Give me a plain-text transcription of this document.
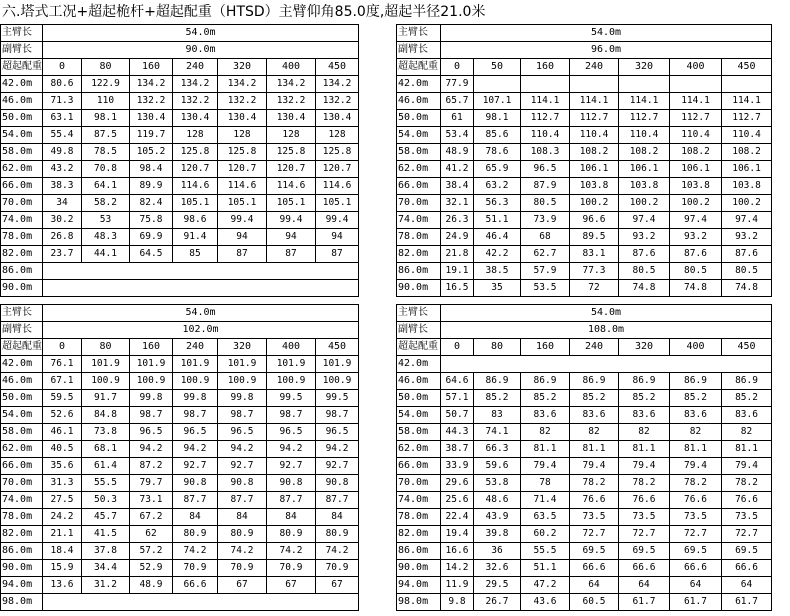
六.塔式工况+超起桅杆+超起配重（HTSD）主臂仰角85.0度,超起半径21.0米
主臂长	54.0m						
副臂长	90.0m						
超起配重	0	80	160	240	320	400	450
42.0m	80.6	122.9	134.2	134.2	134.2	134.2	134.2
46.0m	71.3	110	132.2	132.2	132.2	132.2	132.2
50.0m	63.1	98.1	130.4	130.4	130.4	130.4	130.4
54.0m	55.4	87.5	119.7	128	128	128	128
58.0m	49.8	78.5	105.2	125.8	125.8	125.8	125.8
62.0m	43.2	70.8	98.4	120.7	120.7	120.7	120.7
66.0m	38.3	64.1	89.9	114.6	114.6	114.6	114.6
70.0m	34	58.2	82.4	105.1	105.1	105.1	105.1
74.0m	30.2	53	75.8	98.6	99.4	99.4	99.4
78.0m	26.8	48.3	69.9	91.4	94	94	94
82.0m	23.7	44.1	64.5	85	87	87	87
86.0m							
90.0m							
主臂长	54.0m						
副臂长	96.0m						
超起配重	0	50	160	240	320	400	450
42.0m	77.9						
46.0m	65.7	107.1	114.1	114.1	114.1	114.1	114.1
50.0m	61	98.1	112.7	112.7	112.7	112.7	112.7
54.0m	53.4	85.6	110.4	110.4	110.4	110.4	110.4
58.0m	48.9	78.6	108.3	108.2	108.2	108.2	108.2
62.0m	41.2	65.9	96.5	106.1	106.1	106.1	106.1
66.0m	38.4	63.2	87.9	103.8	103.8	103.8	103.8
70.0m	32.1	56.3	80.5	100.2	100.2	100.2	100.2
74.0m	26.3	51.1	73.9	96.6	97.4	97.4	97.4
78.0m	24.9	46.4	68	89.5	93.2	93.2	93.2
82.0m	21.8	42.2	62.7	83.1	87.6	87.6	87.6
86.0m	19.1	38.5	57.9	77.3	80.5	80.5	80.5
90.0m	16.5	35	53.5	72	74.8	74.8	74.8
主臂长	54.0m						
副臂长	102.0m						
超起配重	0	80	160	240	320	400	450
42.0m	76.1	101.9	101.9	101.9	101.9	101.9	101.9
46.0m	67.1	100.9	100.9	100.9	100.9	100.9	100.9
50.0m	59.5	91.7	99.8	99.8	99.8	99.5	99.5
54.0m	52.6	84.8	98.7	98.7	98.7	98.7	98.7
58.0m	46.1	73.8	96.5	96.5	96.5	96.5	96.5
62.0m	40.5	68.1	94.2	94.2	94.2	94.2	94.2
66.0m	35.6	61.4	87.2	92.7	92.7	92.7	92.7
70.0m	31.3	55.5	79.7	90.8	90.8	90.8	90.8
74.0m	27.5	50.3	73.1	87.7	87.7	87.7	87.7
78.0m	24.2	45.7	67.2	84	84	84	84
82.0m	21.1	41.5	62	80.9	80.9	80.9	80.9
86.0m	18.4	37.8	57.2	74.2	74.2	74.2	74.2
90.0m	15.9	34.4	52.9	70.9	70.9	70.9	70.9
94.0m	13.6	31.2	48.9	66.6	67	67	67
98.0m							
主臂长	54.0m						
副臂长	108.0m						
超起配重	0	80	160	240	320	400	450
42.0m							
46.0m	64.6	86.9	86.9	86.9	86.9	86.9	86.9
50.0m	57.1	85.2	85.2	85.2	85.2	85.2	85.2
54.0m	50.7	83	83.6	83.6	83.6	83.6	83.6
58.0m	44.3	74.1	82	82	82	82	82
62.0m	38.7	66.3	81.1	81.1	81.1	81.1	81.1
66.0m	33.9	59.6	79.4	79.4	79.4	79.4	79.4
70.0m	29.6	53.8	78	78.2	78.2	78.2	78.2
74.0m	25.6	48.6	71.4	76.6	76.6	76.6	76.6
78.0m	22.4	43.9	63.5	73.5	73.5	73.5	73.5
82.0m	19.4	39.8	60.2	72.7	72.7	72.7	72.7
86.0m	16.6	36	55.5	69.5	69.5	69.5	69.5
90.0m	14.2	32.6	51.1	66.6	66.6	66.6	66.6
94.0m	11.9	29.5	47.2	64	64	64	64
98.0m	9.8	26.7	43.6	60.5	61.7	61.7	61.7
